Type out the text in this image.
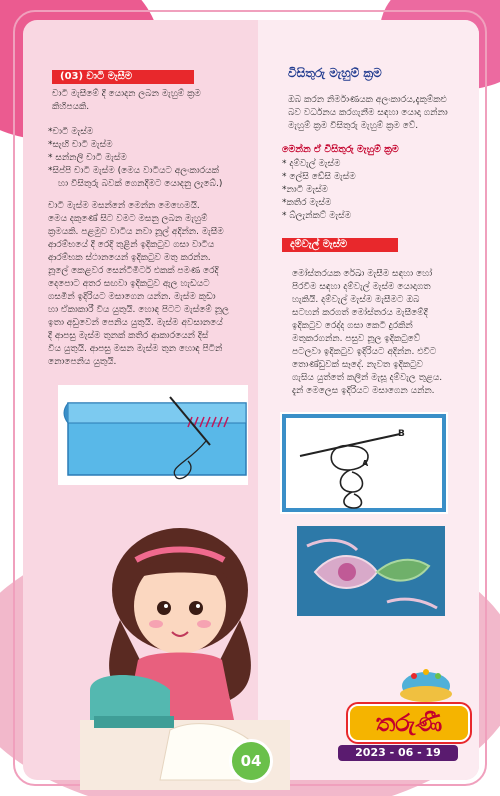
(03) චාටි මැසීම
චාටි මැසීමේ දී යොදන ලබන මැහුම් ක්‍රම
කිහිපයකි.
*චාටි මැස්ම
*සැඟි චාටි මැස්ම
* සන්නලි චාටි මැස්ම
*සිප්පි චාටි මැස්ම (මෙය වාටියට අලංකාරයක්
හා විසිතුරු බවක් ගෙනදීමට යොදනු ලැබේ.)
චාටි මැස්ම මසන්නේ මෙන්න මෙහෙමයි.
මෙය දකුණේ සිට වමට මසනු ලබන මැහුම්
ක්‍රමයකි. පළමුව වාටිය නවා නූල් අදින්න. මැසීම
ආරම්භයේ දී රෙදි තුළින් ඉදිකටුව ගසා වාටිය
ආරම්භක ස්ථානයෙන් ඉදිකටුව මතු කරන්න.
නූලේ කෙළවර සෙන්ටිමීටර් එකක් පමණ රෙදි
දෙපොට අතර සඟවා ඉදිකටුව ඇල හැඩයට
ගසමින් ඉදිරියට මසාගෙන යන්න. මැස්ම කුඩා
හා ඒකාකාරී විය යුතුයි. හොඳ පිටට මැස්මේ නූල
ඉතා අඩුවෙන් පෙනිය යුතුයි. මැස්ම අවසානයේ
දී ආපසු මැස්ම තුනක් කතිර ආකාරයෙන් දිස්
විය යුතුයි. ආපසු මසන මැස්ම තුන හොඳ පිටින්
නොපෙනිය යුතුයි.
විසිතුරු මැහුම් ක්‍රම
ඔබ කරන නිර්මාණයක අලංකාරය,දැකුම්කළු
බව වර්ධනය කරගැනීම සඳහා යොදා ගන්නා
මැහුම් ක්‍රම විසිතුරු මැහුම් ක්‍රම වේ.
මෙන්න ඒ විසිතුරු මැහුම් ක්‍රම
* දම්වැල් මැස්ම
* ලේසි ඩේසි මැස්ම
*නාටි මැස්ම
*කතිර මැස්ම
* බ්ලැන්කට් මැස්ම
දම්වැල් මැස්ම
මෝස්තරයක රේඛා මැසීම සඳහා හෝ
පිරවීම සඳහා දම්වැල් මැස්ම යොදාගත
හැකියි. දම්වැල් මැස්ම මැසීමට ඔබ
සටහන් කරගත් මෝස්තරය මැසීමේදී
ඉදිකටුව රෙද්ද ගසා කෙටි දුරකින්
මතුකරගන්න. පසුව නූල ඉදිකටුවේ
පටලවා ඉදිකටුව ඉදිරියට අදින්න. එවිට
තොණ්ඩුවක් සෑදේ. නැවත ඉදිකටුව
ගැසිය යුත්තේ කලින් මැසූ දම්වැල තුළය.
දැන් මෙලෙස ඉදිරියට මසාගෙන යන්න.
B
A
තරුණී
2023 - 06 - 19
04
